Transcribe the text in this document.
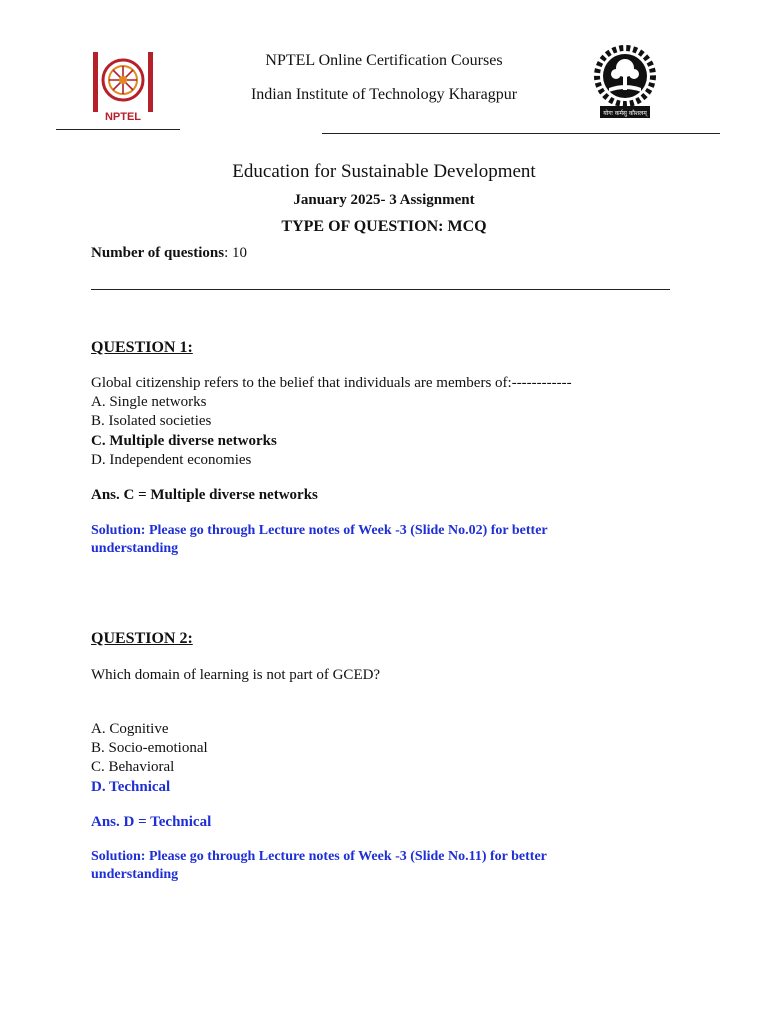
NPTEL	योगः कर्मसु कौशलम्
NPTEL Online Certification Courses
Indian Institute of Technology Kharagpur
Education for Sustainable Development
January 2025- 3 Assignment
TYPE OF QUESTION: MCQ
Number of questions: 10
QUESTION 1:
Global citizenship refers to the belief that individuals are members of:------------
A. Single networks
B. Isolated societies
C. Multiple diverse networks
D. Independent economies
Ans. C = Multiple diverse networks
Solution: Please go through Lecture notes of Week -3 (Slide No.02) for better understanding
QUESTION 2:
Which domain of learning is not part of GCED?
A. Cognitive
B. Socio-emotional
C. Behavioral
D. Technical
Ans. D = Technical
Solution: Please go through Lecture notes of Week -3 (Slide No.11) for better understanding
